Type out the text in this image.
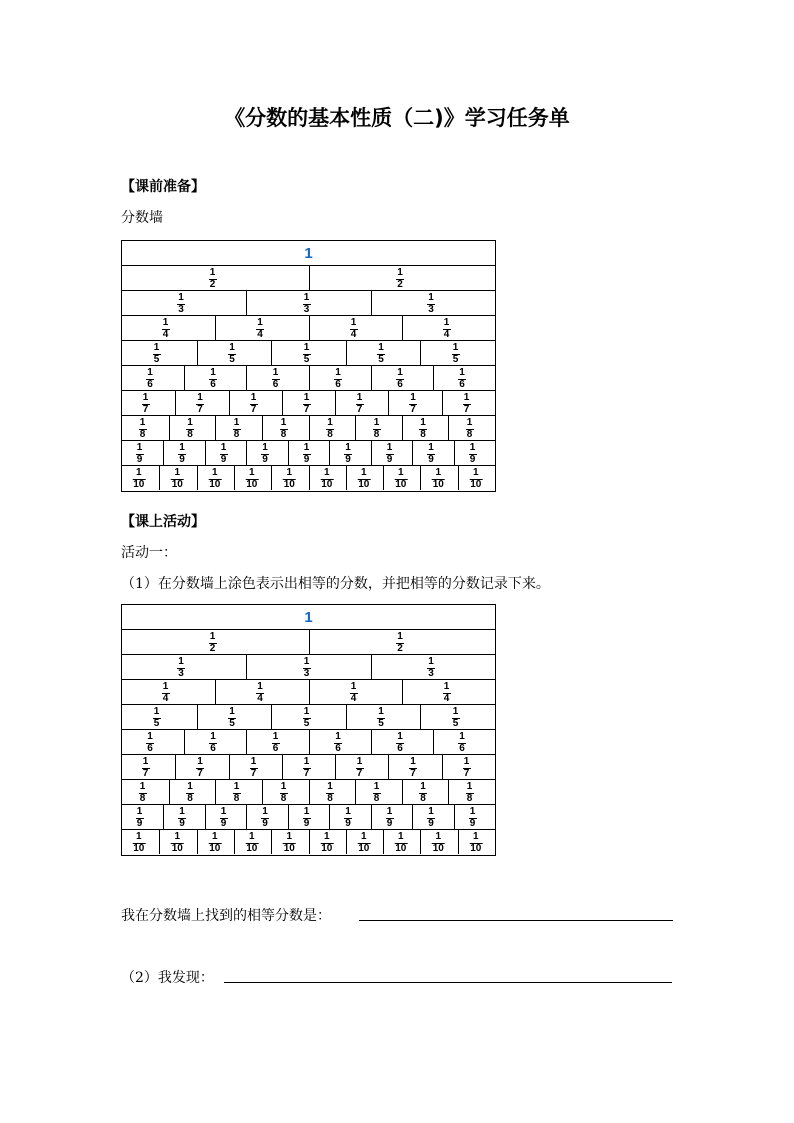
《分数的基本性质（二)》学习任务单
【课前准备】
分数墙
1
1
2
1
2
1
3
1
3
1
3
1
4
1
4
1
4
1
4
1
5
1
5
1
5
1
5
1
5
1
6
1
6
1
6
1
6
1
6
1
6
1
7
1
7
1
7
1
7
1
7
1
7
1
7
1
8
1
8
1
8
1
8
1
8
1
8
1
8
1
8
1
9
1
9
1
9
1
9
1
9
1
9
1
9
1
9
1
9
1
10
1
10
1
10
1
10
1
10
1
10
1
10
1
10
1
10
1
10
【课上活动】
活动一：
（1）在分数墙上涂色表示出相等的分数，并把相等的分数记录下来。
1
1
2
1
2
1
3
1
3
1
3
1
4
1
4
1
4
1
4
1
5
1
5
1
5
1
5
1
5
1
6
1
6
1
6
1
6
1
6
1
6
1
7
1
7
1
7
1
7
1
7
1
7
1
7
1
8
1
8
1
8
1
8
1
8
1
8
1
8
1
8
1
9
1
9
1
9
1
9
1
9
1
9
1
9
1
9
1
9
1
10
1
10
1
10
1
10
1
10
1
10
1
10
1
10
1
10
1
10
我在分数墙上找到的相等分数是：
（2）我发现：
